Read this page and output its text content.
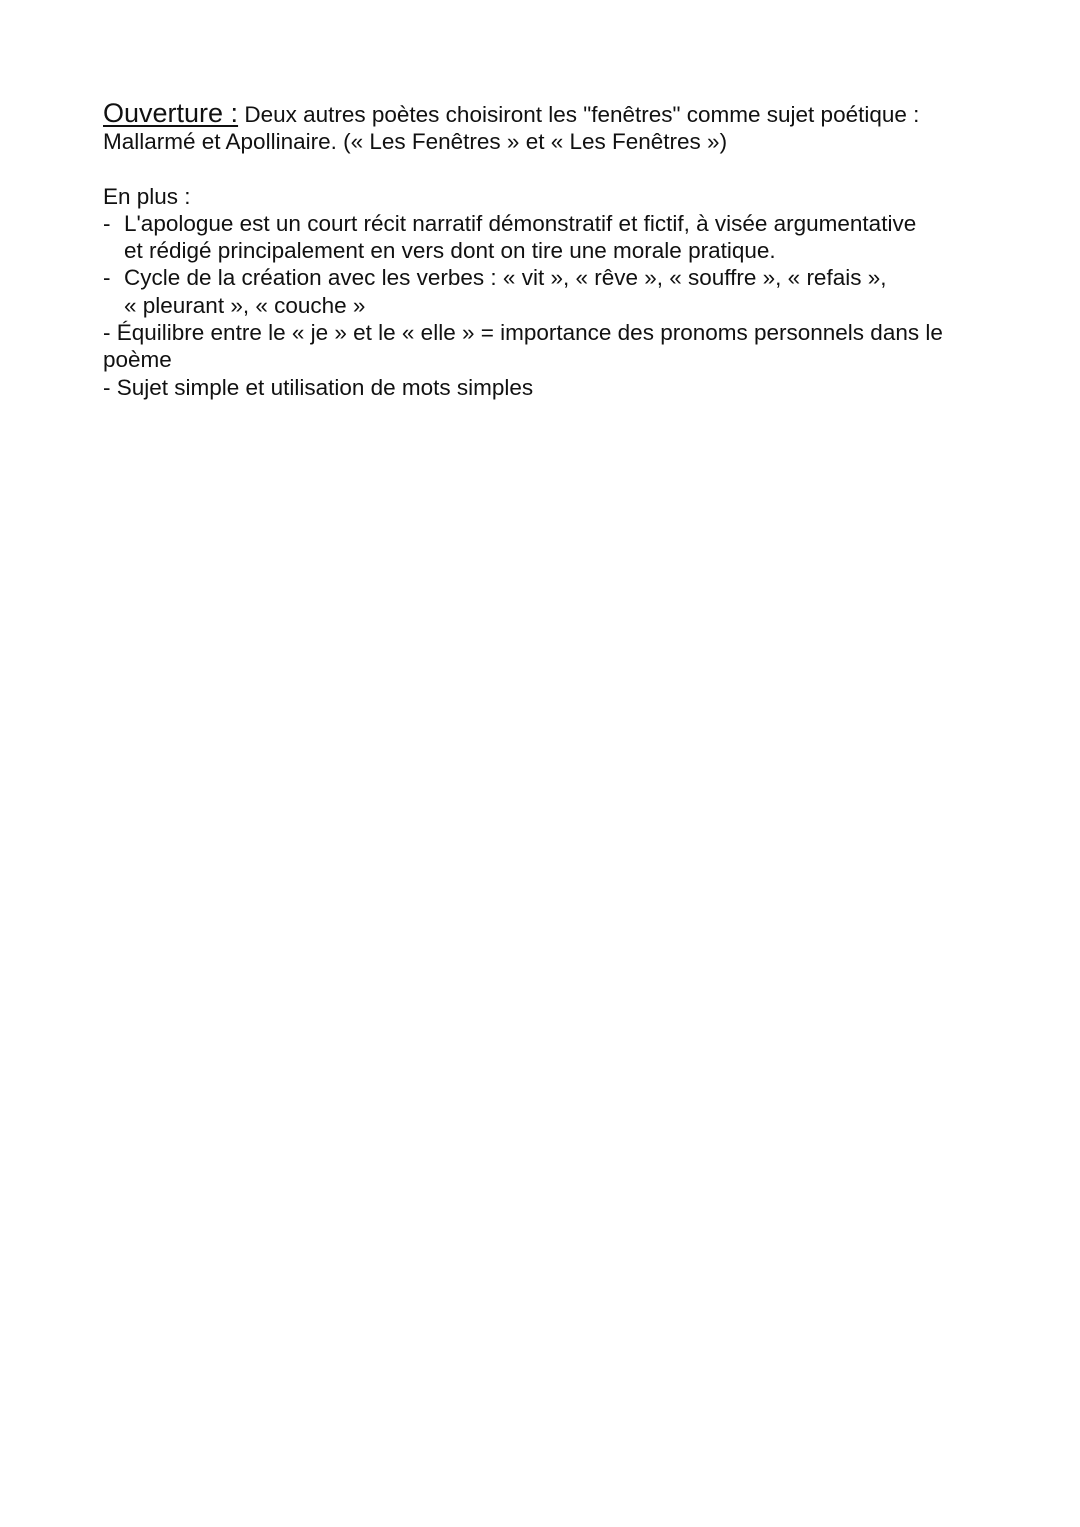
Ouverture : Deux autres poètes choisiront les "fenêtres" comme sujet poétique :
Mallarmé et Apollinaire. (« Les Fenêtres » et « Les Fenêtres »)
En plus :
- L'apologue est un court récit narratif démonstratif et fictif, à visée argumentative
et rédigé principalement en vers dont on tire une morale pratique.
- Cycle de la création avec les verbes : « vit », « rêve », « souffre », « refais »,
« pleurant », « couche »
- Équilibre entre le « je » et le « elle » = importance des pronoms personnels dans le poème
- Sujet simple et utilisation de mots simples
